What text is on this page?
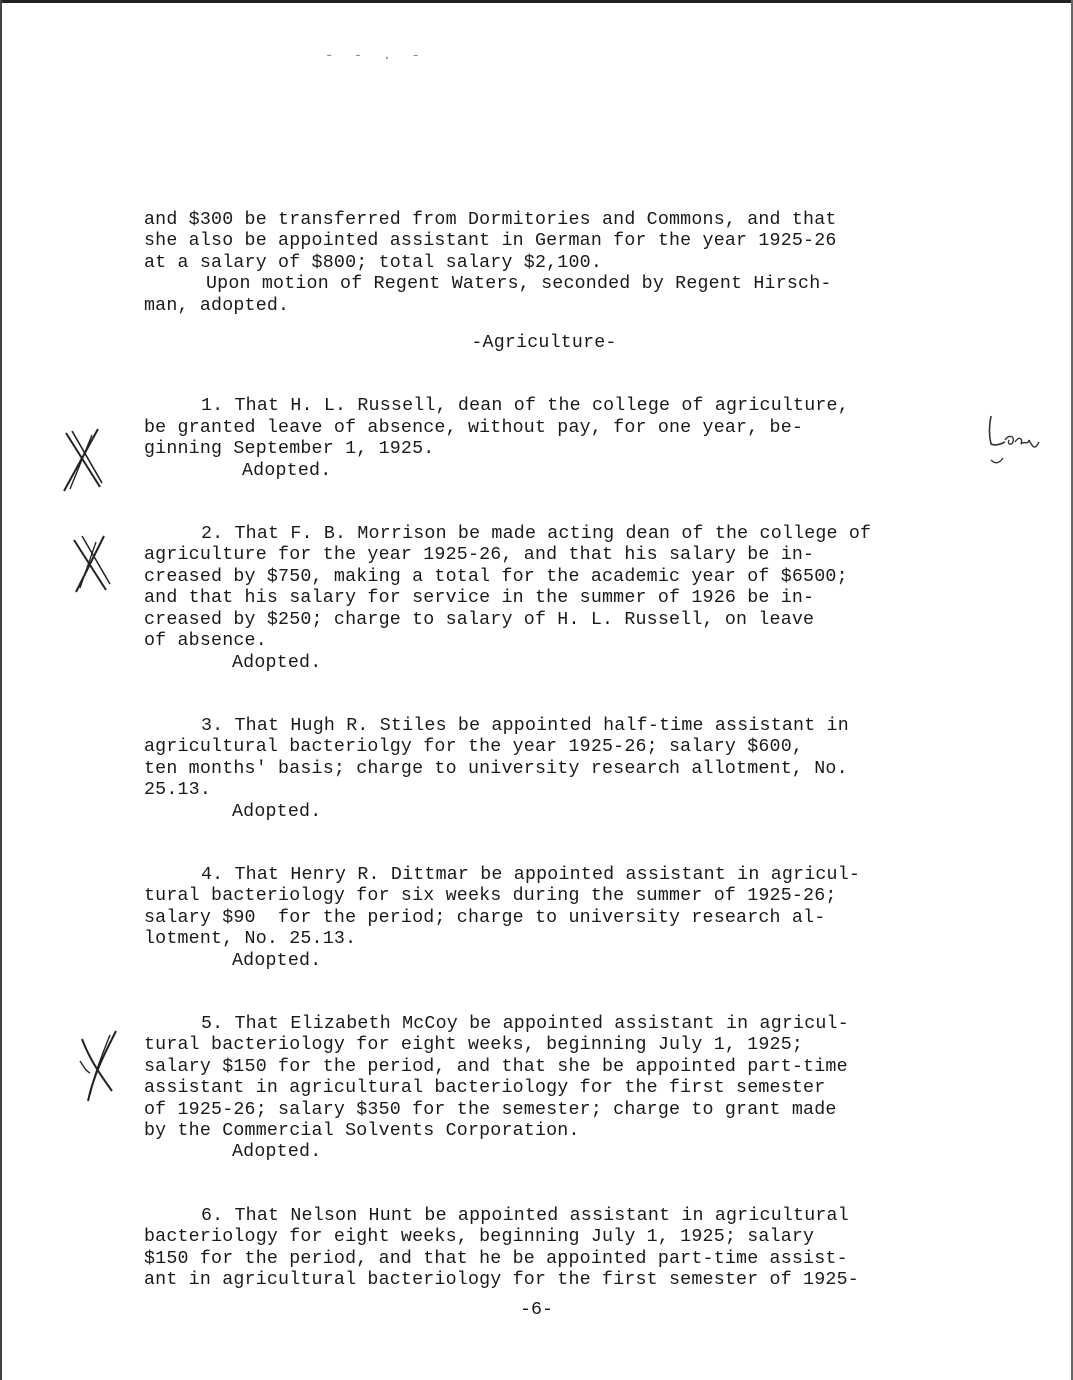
- - . -
and $300 be transferred from Dormitories and Commons, and that
she also be appointed assistant in German for the year 1925-26
at a salary of $800; total salary $2,100.
Upon motion of Regent Waters, seconded by Regent Hirsch-
man, adopted.
-Agriculture-
1. That H. L. Russell, dean of the college of agriculture,
be granted leave of absence, without pay, for one year, be-
ginning September 1, 1925.
Adopted.
2. That F. B. Morrison be made acting dean of the college of
agriculture for the year 1925-26, and that his salary be in-
creased by $750, making a total for the academic year of $6500;
and that his salary for service in the summer of 1926 be in-
creased by $250; charge to salary of H. L. Russell, on leave
of absence.
Adopted.
3. That Hugh R. Stiles be appointed half-time assistant in
agricultural bacteriolgy for the year 1925-26; salary $600,
ten months' basis; charge to university research allotment, No.
25.13.
Adopted.
4. That Henry R. Dittmar be appointed assistant in agricul-
tural bacteriology for six weeks during the summer of 1925-26;
salary $90  for the period; charge to university research al-
lotment, No. 25.13.
Adopted.
5. That Elizabeth McCoy be appointed assistant in agricul-
tural bacteriology for eight weeks, beginning July 1, 1925;
salary $150 for the period, and that she be appointed part-time
assistant in agricultural bacteriology for the first semester
of 1925-26; salary $350 for the semester; charge to grant made
by the Commercial Solvents Corporation.
Adopted.
6. That Nelson Hunt be appointed assistant in agricultural
bacteriology for eight weeks, beginning July 1, 1925; salary
$150 for the period, and that he be appointed part-time assist-
ant in agricultural bacteriology for the first semester of 1925-
-6-
